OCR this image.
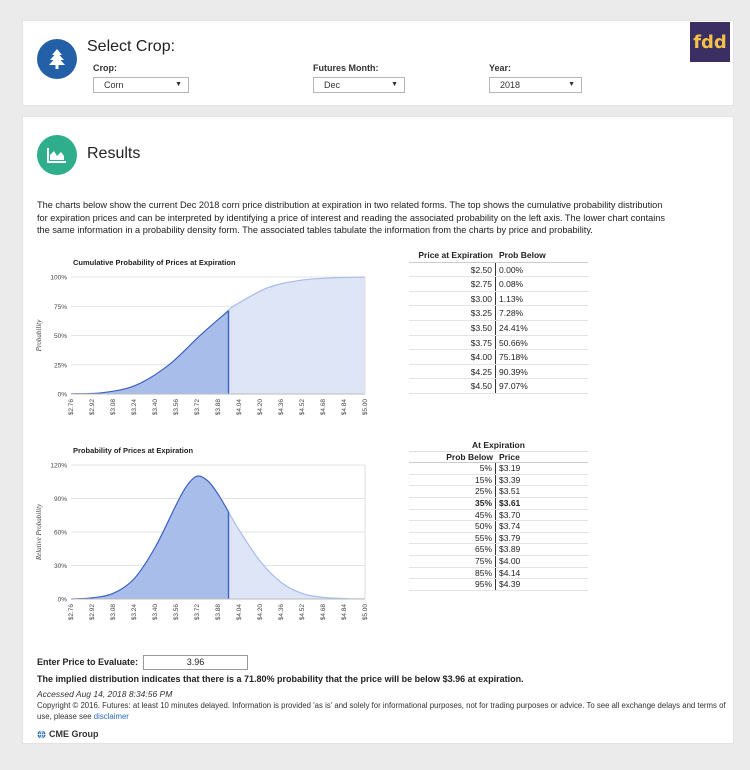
Select Crop:
Crop:
Corn	▼
Futures Month:
Dec	▼
Year:
2018	▼
fdd
Results
The charts below show the current Dec 2018 corn price distribution at expiration in two related forms. The top shows the cumulative probability distribution for expiration prices and can be interpreted by identifying a price of interest and reading the associated probability on the left axis. The lower chart contains the same information in a probability density form. The associated tables tabulate the information from the charts by price and probability.
Cumulative Probability of Prices at Expiration
100%
75%
50%
25%
0%
$2.76 $2.92 $3.08 $3.24 $3.40 $3.56 $3.72 $3.88 $4.04 $4.20 $4.36 $4.52 $4.68 $4.84 $5.00
Probability
Price at Expiration Prob Below
$2.50 0.00%
$2.75 0.08%
$3.00 1.13%
$3.25 7.28%
$3.50 24.41%
$3.75 50.66%
$4.00 75.18%
$4.25 90.39%
$4.50 97.07%
Probability of Prices at Expiration
120%
90%
60%
30%
0%
$2.76 $2.92 $3.08 $3.24 $3.40 $3.56 $3.72 $3.88 $4.04 $4.20 $4.36 $4.52 $4.68 $4.84 $5.00
Relative Probability
At Expiration
Prob Below Price
5% $3.19
15% $3.39
25% $3.51
35% $3.61
45% $3.70
50% $3.74
55% $3.79
65% $3.89
75% $4.00
85% $4.14
95% $4.39
Enter Price to Evaluate:	3.96
The implied distribution indicates that there is a 71.80% probability that the price will be below $3.96 at expiration.
Accessed Aug 14, 2018 8:34:56 PM
Copyright © 2016. Futures: at least 10 minutes delayed. Information is provided 'as is' and solely for informational purposes, not for trading purposes or advice. To see all exchange delays and terms of use, please see disclaimer
CME Group
